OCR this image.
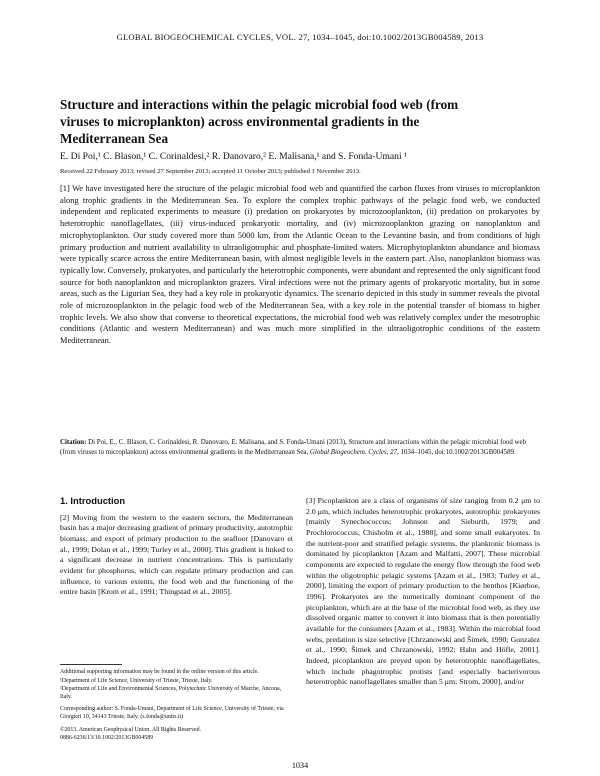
GLOBAL BIOGEOCHEMICAL CYCLES, VOL. 27, 1034–1045, doi:10.1002/2013GB004589, 2013
Structure and interactions within the pelagic microbial food web (from viruses to microplankton) across environmental gradients in the Mediterranean Sea
E. Di Poi,¹ C. Blason,¹ C. Corinaldesi,² R. Danovaro,² E. Malisana,¹ and S. Fonda-Umani ¹
Received 22 February 2013; revised 27 September 2013; accepted 11 October 2013; published 1 November 2013.
[1] We have investigated here the structure of the pelagic microbial food web and quantified the carbon fluxes from viruses to microplankton along trophic gradients in the Mediterranean Sea. To explore the complex trophic pathways of the pelagic food web, we conducted independent and replicated experiments to measure (i) predation on prokaryotes by microzooplankton, (ii) predation on prokaryotes by heterotrophic nanoflagellates, (iii) virus-induced prokaryotic mortality, and (iv) microzooplankton grazing on nanoplankton and microphytoplankton. Our study covered more than 5000 km, from the Atlantic Ocean to the Levantine basin, and from conditions of high primary production and nutrient availability to ultraoligotrophic and phosphate-limited waters. Microphytoplankton abundance and biomass were typically scarce across the entire Mediterranean basin, with almost negligible levels in the eastern part. Also, nanoplankton biomass was typically low. Conversely, prokaryotes, and particularly the heterotrophic components, were abundant and represented the only significant food source for both nanoplankton and microplankton grazers. Viral infections were not the primary agents of prokaryotic mortality, but in some areas, such as the Ligurian Sea, they had a key role in prokaryotic dynamics. The scenario depicted in this study in summer reveals the pivotal role of microzooplankton in the pelagic food web of the Mediterranean Sea, with a key role in the potential transfer of biomass to higher trophic levels. We also show that converse to theoretical expectations, the microbial food web was relatively complex under the mesotrophic conditions (Atlantic and western Mediterranean) and was much more simplified in the ultraoligotrophic conditions of the eastern Mediterranean.
Citation: Di Poi, E., C. Blason, C. Corinaldesi, R. Danovaro, E. Malisana, and S. Fonda-Umani (2013), Structure and interactions within the pelagic microbial food web (from viruses to microplankton) across environmental gradients in the Mediterranean Sea, Global Biogeochem. Cycles, 27, 1034–1045, doi:10.1002/2013GB004589.
1. Introduction

[2] Moving from the western to the eastern sectors, the Mediterranean basin has a major decreasing gradient of primary productivity, autotrophic biomass, and export of primary production to the seafloor [Danovaro et al., 1999; Dolan et al., 1999; Turley et al., 2000]. This gradient is linked to a significant decrease in nutrient concentrations. This is particularly evident for phosphorus, which can regulate primary production and can influence, to various extents, the food web and the functioning of the entire basin [Krom et al., 1991; Thingstad et al., 2005].

[3] Picoplankton are a class of organisms of size ranging from 0.2 μm to 2.0 μm, which includes heterotrophic prokaryotes, autotrophic prokaryotes [mainly Synechococcus; Johnson and Sieburth, 1979; and Prochlorococcus, Chisholm et al., 1988], and some small eukaryotes. In the nutrient-poor and stratified pelagic systems, the planktonic biomass is dominated by picoplankton [Azam and Malfatti, 2007]. These microbial components are expected to regulate the energy flow through the food web within the oligotrophic pelagic systems [Azam et al., 1983; Turley et al., 2000], limiting the export of primary production to the benthos [Kiørboe, 1996]. Prokaryotes are the numerically dominant component of the picoplankton, which are at the base of the microbial food web, as they use dissolved organic matter to convert it into biomass that is then potentially available for the consumers [Azam et al., 1983]. Within the microbial food webs, predation is size selective [Chrzanowski and Šimek, 1990; Gonzalez et al., 1990; Šimek and Chrzanowski, 1992; Hahn and Höfle, 2001]. Indeed, picoplankton are preyed upon by heterotrophic nanoflagellates, which include phagotrophic protists [and especially bacterivorous heterotrophic nanoflagellates smaller than 5 μm; Strom, 2000], and/or

Additional supporting information may be found in the online version of this article.
¹Department of Life Science, University of Trieste, Trieste, Italy.
²Department of Life and Environmental Sciences, Polytechnic University of Marche, Ancona, Italy.
Corresponding author: S. Fonda-Umani, Department of Life Science, University of Trieste, via Giorgieri 10, 34143 Trieste, Italy. (s.fonda@units.it)
©2013. American Geophysical Union. All Rights Reserved.
0886-6236/13/10.1002/2013GB004589
1034
